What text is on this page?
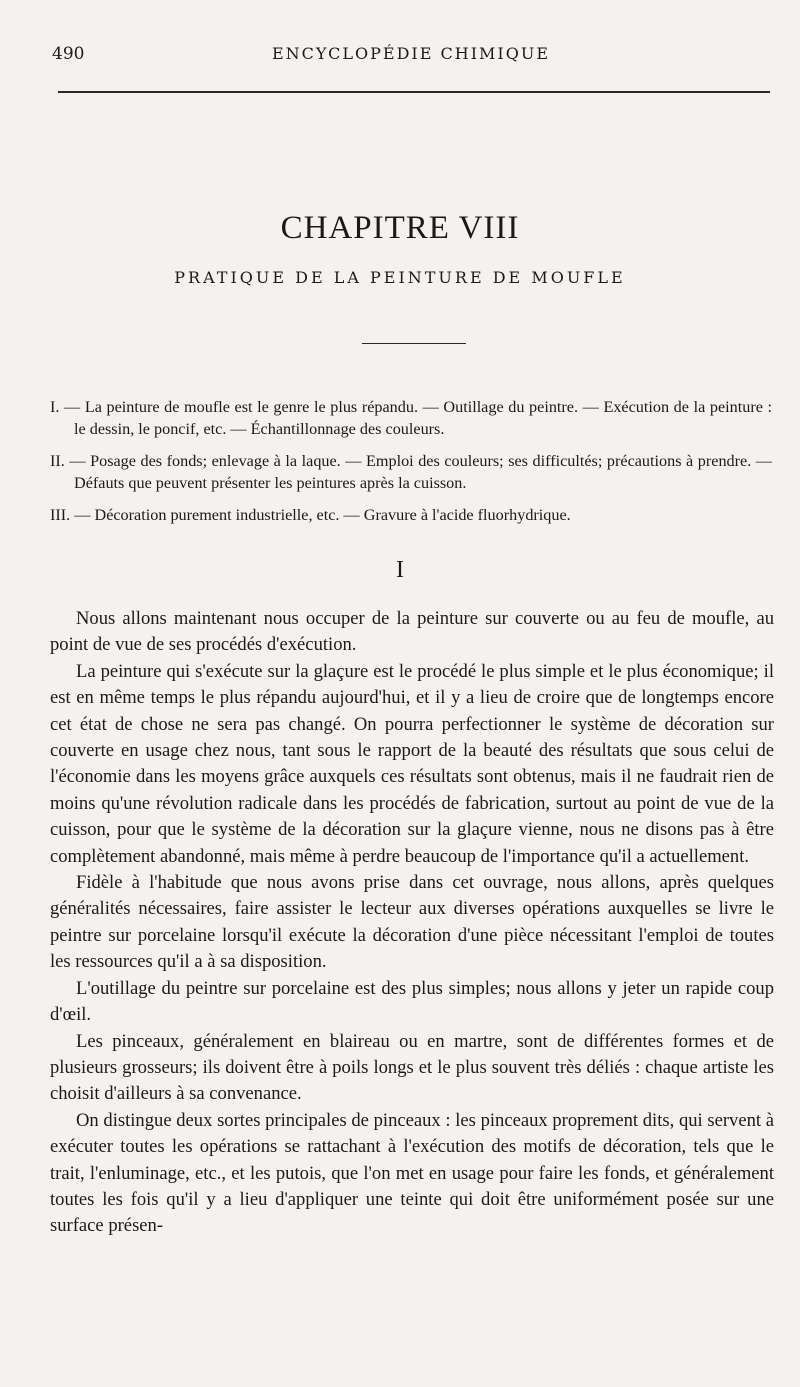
490	ENCYCLOPÉDIE CHIMIQUE
CHAPITRE VIII
PRATIQUE DE LA PEINTURE DE MOUFLE

I. — La peinture de moufle est le genre le plus répandu. — Outillage du peintre. — Exécution de la peinture : le dessin, le poncif, etc. — Échantillonnage des couleurs.

II. — Posage des fonds; enlevage à la laque. — Emploi des couleurs; ses difficultés; précautions à prendre. — Défauts que peuvent présenter les peintures après la cuisson.

III. — Décoration purement industrielle, etc. — Gravure à l'acide fluorhydrique.

I

Nous allons maintenant nous occuper de la peinture sur couverte ou au feu de moufle, au point de vue de ses procédés d'exécution.

La peinture qui s'exécute sur la glaçure est le procédé le plus simple et le plus économique; il est en même temps le plus répandu aujourd'hui, et il y a lieu de croire que de longtemps encore cet état de chose ne sera pas changé. On pourra perfectionner le système de décoration sur couverte en usage chez nous, tant sous le rapport de la beauté des résultats que sous celui de l'économie dans les moyens grâce auxquels ces résultats sont obtenus, mais il ne faudrait rien de moins qu'une révolution radicale dans les procédés de fabrication, surtout au point de vue de la cuisson, pour que le système de la décoration sur la glaçure vienne, nous ne disons pas à être complètement abandonné, mais même à perdre beaucoup de l'importance qu'il a actuellement.

Fidèle à l'habitude que nous avons prise dans cet ouvrage, nous allons, après quelques généralités nécessaires, faire assister le lecteur aux diverses opérations auxquelles se livre le peintre sur porcelaine lorsqu'il exécute la décoration d'une pièce nécessitant l'emploi de toutes les ressources qu'il a à sa disposition.

L'outillage du peintre sur porcelaine est des plus simples; nous allons y jeter un rapide coup d'œil.

Les pinceaux, généralement en blaireau ou en martre, sont de différentes formes et de plusieurs grosseurs; ils doivent être à poils longs et le plus souvent très déliés : chaque artiste les choisit d'ailleurs à sa convenance.

On distingue deux sortes principales de pinceaux : les pinceaux proprement dits, qui servent à exécuter toutes les opérations se rattachant à l'exécution des motifs de décoration, tels que le trait, l'enluminage, etc., et les putois, que l'on met en usage pour faire les fonds, et généralement toutes les fois qu'il y a lieu d'appliquer une teinte qui doit être uniformément posée sur une surface présen-
